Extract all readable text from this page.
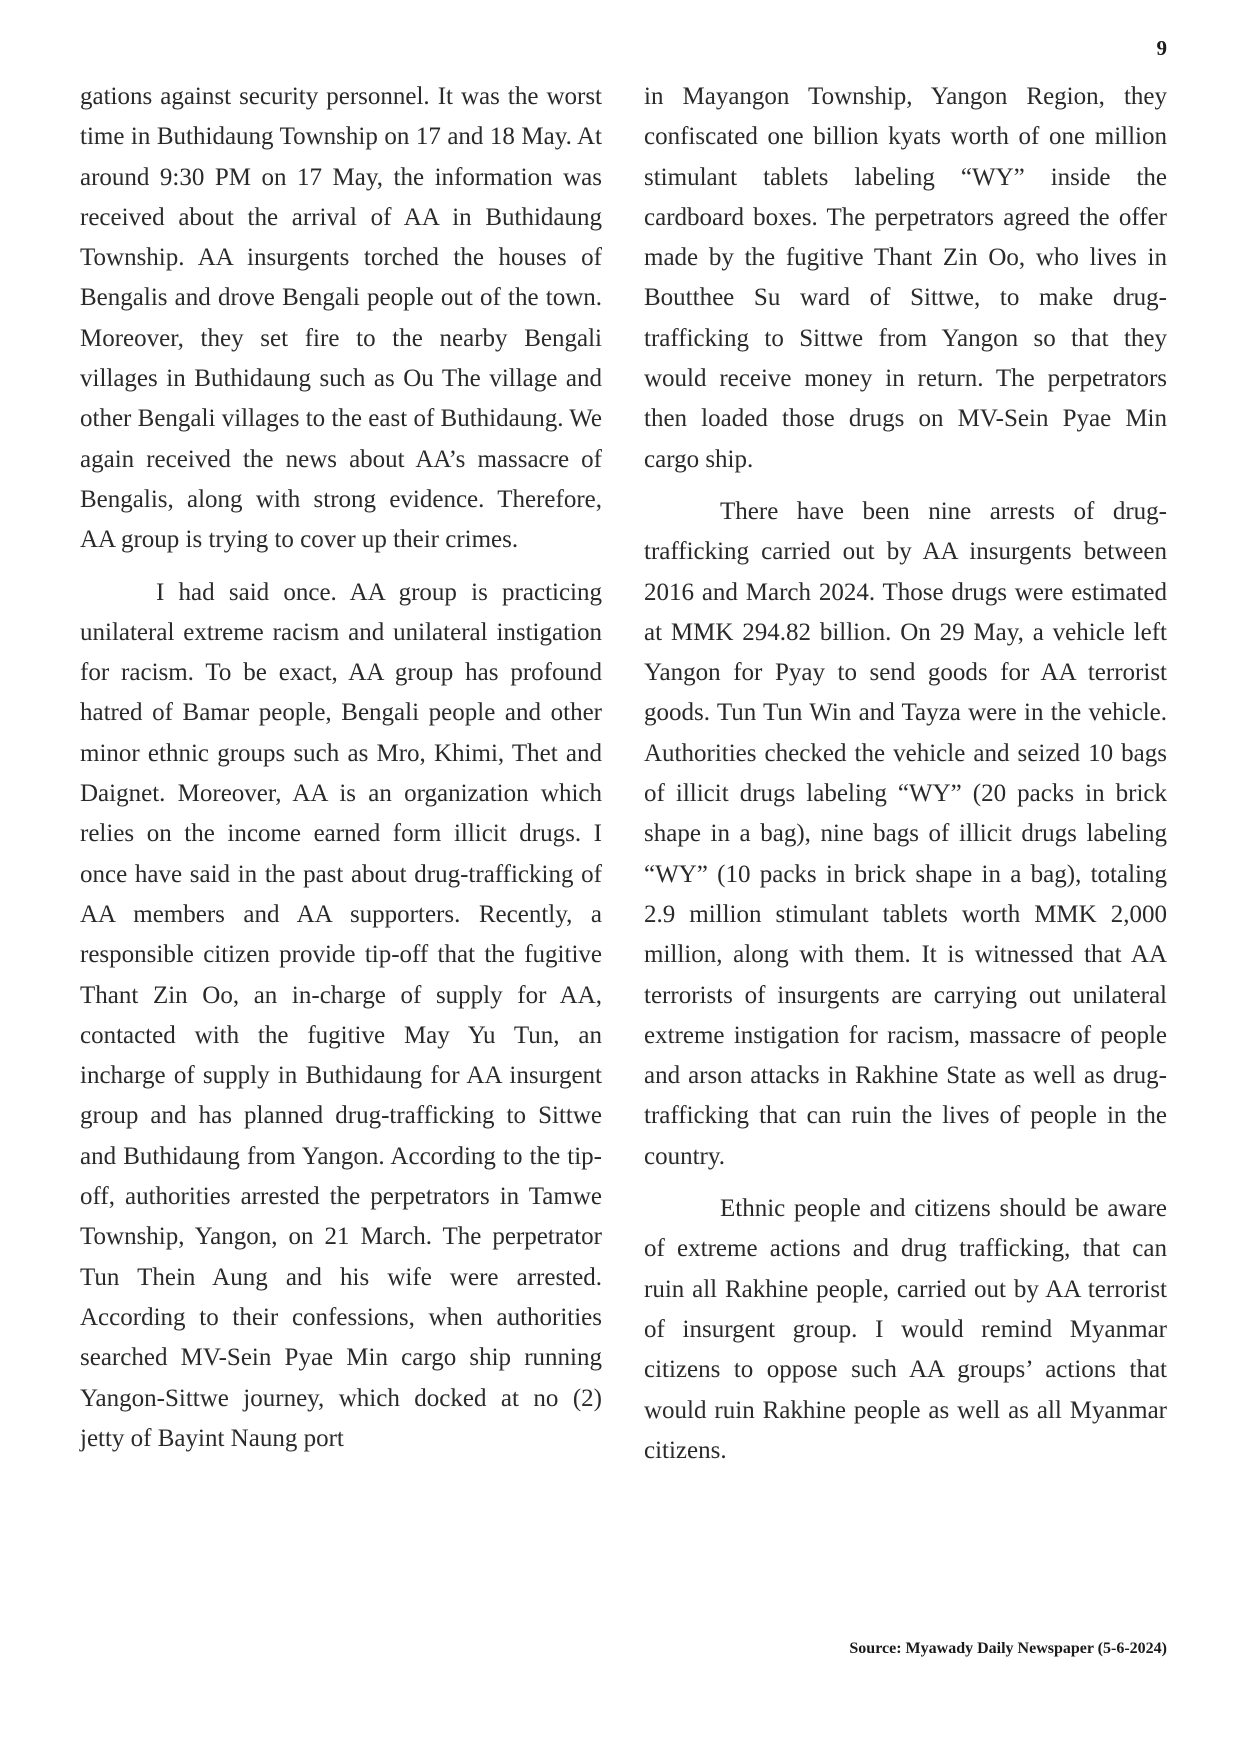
9

gations against security personnel. It was the worst time in Buthidaung Township on 17 and 18 May. At around 9:30 PM on 17 May, the information was received about the arrival of AA in Buthidaung Township. AA insurgents torched the houses of Bengalis and drove Bengali people out of the town. Moreover, they set fire to the nearby Bengali villages in Buthidaung such as Ou The village and other Bengali villages to the east of Buthidaung. We again received the news about AA’s massacre of Bengalis, along with strong evidence. Therefore, AA group is trying to cover up their crimes.

I had said once. AA group is practicing unilateral extreme racism and unilateral instigation for racism. To be exact, AA group has profound hatred of Bamar people, Bengali people and other minor ethnic groups such as Mro, Khimi, Thet and Daignet. Moreover, AA is an organization which relies on the income earned form illicit drugs. I once have said in the past about drug-trafficking of AA members and AA supporters. Recently, a responsible citizen provide tip-off that the fugitive Thant Zin Oo, an in-charge of supply for AA, contacted with the fugitive May Yu Tun, an incharge of supply in Buthidaung for AA insurgent group and has planned drug-trafficking to Sittwe and Buthidaung from Yangon. According to the tip-off, authorities arrested the perpetrators in Tamwe Township, Yangon, on 21 March. The perpetrator Tun Thein Aung and his wife were arrested. According to their confessions, when authorities searched MV-Sein Pyae Min cargo ship running Yangon-Sittwe journey, which docked at no (2) jetty of Bayint Naung port

in Mayangon Township, Yangon Region, they confiscated one billion kyats worth of one million stimulant tablets labeling “WY” inside the cardboard boxes. The perpetrators agreed the offer made by the fugitive Thant Zin Oo, who lives in Boutthee Su ward of Sittwe, to make drug-trafficking to Sittwe from Yangon so that they would receive money in return. The perpetrators then loaded those drugs on MV-Sein Pyae Min cargo ship.

There have been nine arrests of drug-trafficking carried out by AA insurgents between 2016 and March 2024. Those drugs were estimated at MMK 294.82 billion. On 29 May, a vehicle left Yangon for Pyay to send goods for AA terrorist goods. Tun Tun Win and Tayza were in the vehicle. Authorities checked the vehicle and seized 10 bags of illicit drugs labeling “WY” (20 packs in brick shape in a bag), nine bags of illicit drugs labeling “WY” (10 packs in brick shape in a bag), totaling 2.9 million stimulant tablets worth MMK 2,000 million, along with them. It is witnessed that AA terrorists of insurgents are carrying out unilateral extreme instigation for racism, massacre of people and arson attacks in Rakhine State as well as drug-trafficking that can ruin the lives of people in the country.

Ethnic people and citizens should be aware of extreme actions and drug trafficking, that can ruin all Rakhine people, carried out by AA terrorist of insurgent group. I would remind Myanmar citizens to oppose such AA groups’ actions that would ruin Rakhine people as well as all Myanmar citizens.

Source: Myawady Daily Newspaper (5-6-2024)
